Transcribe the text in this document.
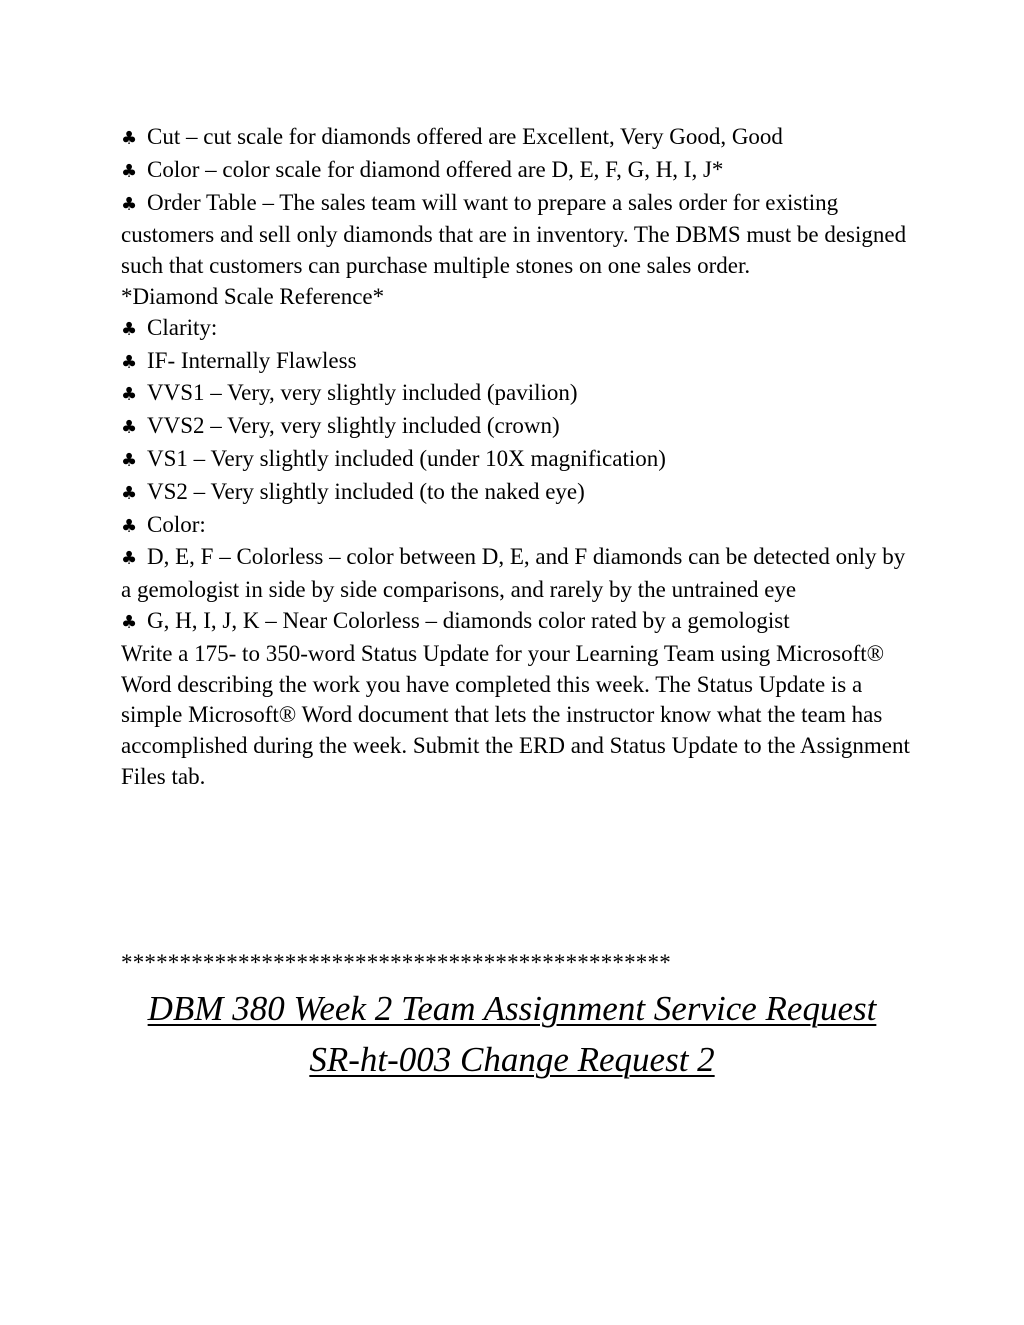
♣ Cut – cut scale for diamonds offered are Excellent, Very Good, Good
♣ Color – color scale for diamond offered are D, E, F, G, H, I, J*
♣ Order Table – The sales team will want to prepare a sales order for existing customers and sell only diamonds that are in inventory. The DBMS must be designed such that customers can purchase multiple stones on one sales order.
*Diamond Scale Reference*
♣ Clarity:
♣ IF- Internally Flawless
♣ VVS1 – Very, very slightly included (pavilion)
♣ VVS2 – Very, very slightly included (crown)
♣ VS1 – Very slightly included (under 10X magnification)
♣ VS2 – Very slightly included (to the naked eye)
♣ Color:
♣ D, E, F – Colorless – color between D, E, and F diamonds can be detected only by a gemologist in side by side comparisons, and rarely by the untrained eye
♣ G, H, I, J, K – Near Colorless – diamonds color rated by a gemologist
Write a 175- to 350-word Status Update for your Learning Team using Microsoft® Word describing the work you have completed this week. The Status Update is a simple Microsoft® Word document that lets the instructor know what the team has accomplished during the week. Submit the ERD and Status Update to the Assignment Files tab.
***********************************************
DBM 380 Week 2 Team Assignment Service Request SR-ht-003 Change Request 2
